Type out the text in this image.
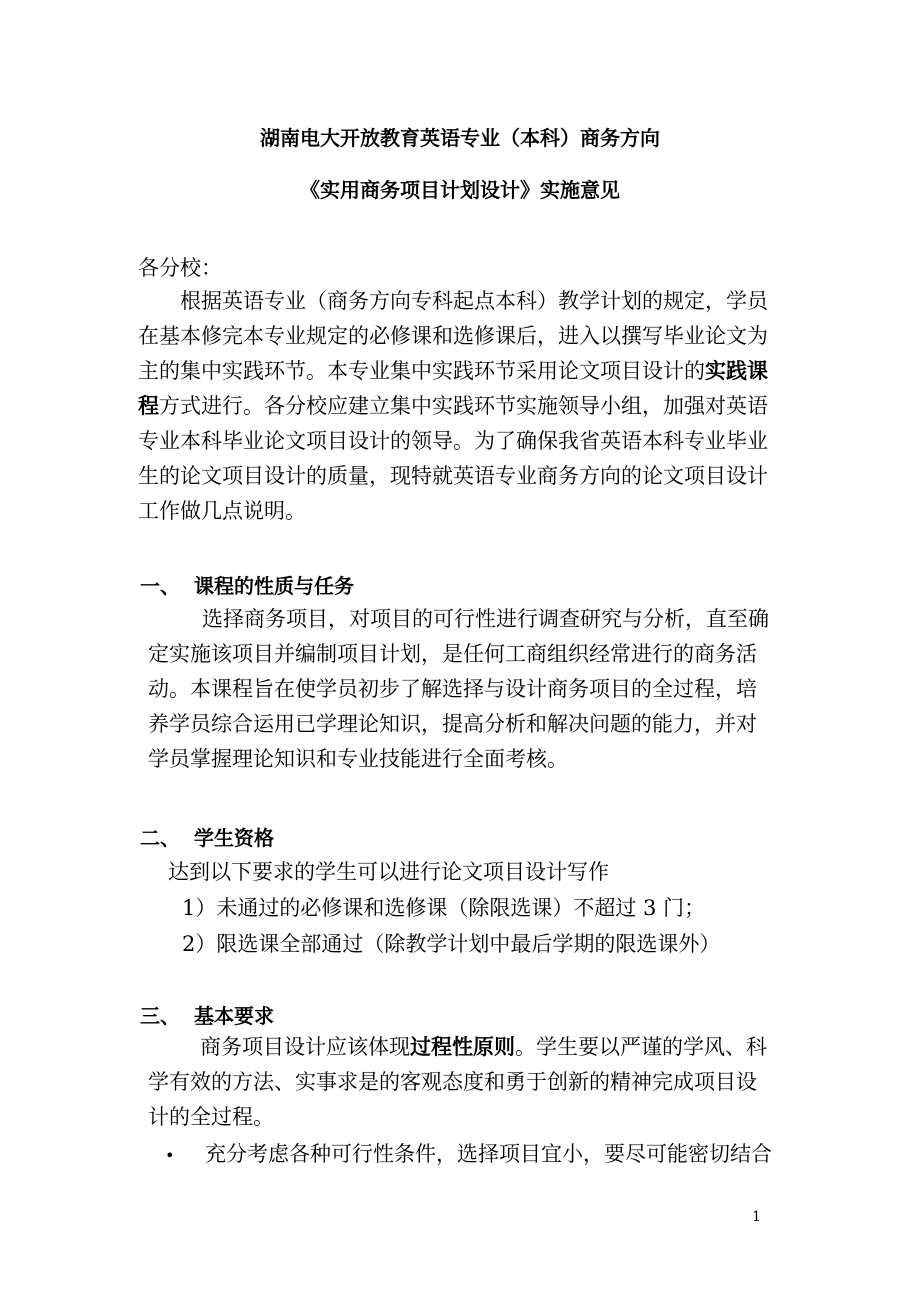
湖南电大开放教育英语专业（本科）商务方向
《实用商务项目计划设计》实施意见
各分校：
根据英语专业（商务方向专科起点本科）教学计划的规定，学员
在基本修完本专业规定的必修课和选修课后，进入以撰写毕业论文为
主的集中实践环节。本专业集中实践环节采用论文项目设计的实践课
程方式进行。各分校应建立集中实践环节实施领导小组，加强对英语
专业本科毕业论文项目设计的领导。为了确保我省英语本科专业毕业
生的论文项目设计的质量，现特就英语专业商务方向的论文项目设计
工作做几点说明。
一、 课程的性质与任务
选择商务项目，对项目的可行性进行调查研究与分析，直至确
定实施该项目并编制项目计划，是任何工商组织经常进行的商务活
动。本课程旨在使学员初步了解选择与设计商务项目的全过程，培
养学员综合运用已学理论知识，提高分析和解决问题的能力，并对
学员掌握理论知识和专业技能进行全面考核。
二、 学生资格
达到以下要求的学生可以进行论文项目设计写作
1）未通过的必修课和选修课（除限选课）不超过 3 门；
2）限选课全部通过（除教学计划中最后学期的限选课外）
三、 基本要求
商务项目设计应该体现过程性原则。学生要以严谨的学风、科
学有效的方法、实事求是的客观态度和勇于创新的精神完成项目设
计的全过程。
• 充分考虑各种可行性条件，选择项目宜小，要尽可能密切结合
1
